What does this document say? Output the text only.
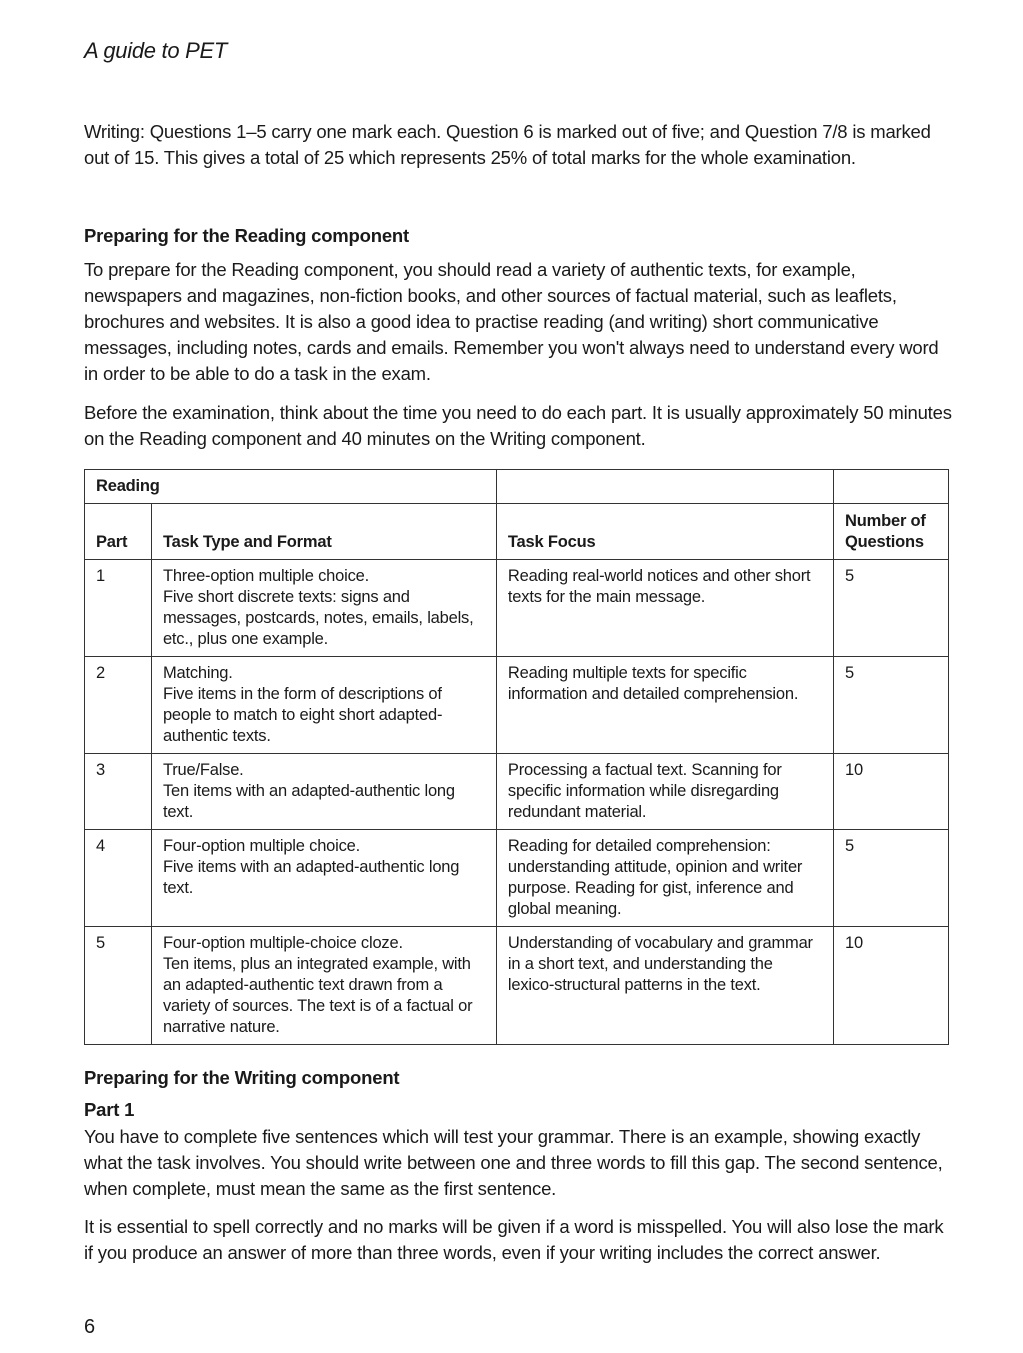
A guide to PET

Writing: Questions 1–5 carry one mark each. Question 6 is marked out of five; and Question 7/8 is marked out of 15. This gives a total of 25 which represents 25% of total marks for the whole examination.

Preparing for the Reading component

To prepare for the Reading component, you should read a variety of authentic texts, for example, newspapers and magazines, non-fiction books, and other sources of factual material, such as leaflets, brochures and websites. It is also a good idea to practise reading (and writing) short communicative messages, including notes, cards and emails. Remember you won't always need to understand every word in order to be able to do a task in the exam.

Before the examination, think about the time you need to do each part. It is usually approximately 50 minutes on the Reading component and 40 minutes on the Writing component.

Reading			
Part	Task Type and Format	Task Focus	Number of
Questions

1	Three-option multiple choice.
Five short discrete texts: signs and messages, postcards, notes, emails, labels, etc., plus one example.	Reading real-world notices and other short texts for the main message.	5
2	Matching.
Five items in the form of descriptions of people to match to eight short adapted-authentic texts.	Reading multiple texts for specific information and detailed comprehension.	5
3	True/False.
Ten items with an adapted-authentic long text.	Processing a factual text. Scanning for specific information while disregarding redundant material.	10
4	Four-option multiple choice.
Five items with an adapted-authentic long text.	Reading for detailed comprehension: understanding attitude, opinion and writer purpose. Reading for gist, inference and global meaning.	5
5	Four-option multiple-choice cloze.
Ten items, plus an integrated example, with an adapted-authentic text drawn from a variety of sources. The text is of a factual or narrative nature.	Understanding of vocabulary and grammar in a short text, and understanding the lexico-structural patterns in the text.	10
Preparing for the Writing component
Part 1

You have to complete five sentences which will test your grammar. There is an example, showing exactly what the task involves. You should write between one and three words to fill this gap. The second sentence, when complete, must mean the same as the first sentence.

It is essential to spell correctly and no marks will be given if a word is misspelled. You will also lose the mark if you produce an answer of more than three words, even if your writing includes the correct answer.

6
